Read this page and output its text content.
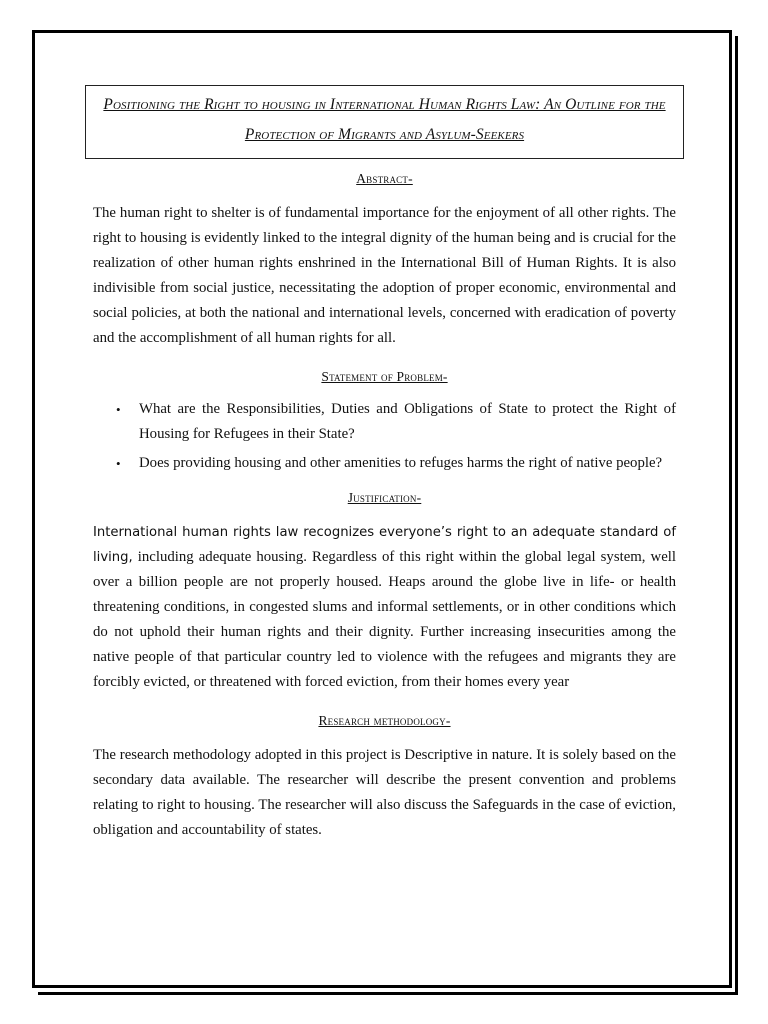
Positioning the Right to housing in International Human Rights Law: An Outline for the Protection of Migrants and Asylum-Seekers
Abstract-

The human right to shelter is of fundamental importance for the enjoyment of all other rights. The right to housing is evidently linked to the integral dignity of the human being and is crucial for the realization of other human rights enshrined in the International Bill of Human Rights. It is also indivisible from social justice, necessitating the adoption of proper economic, environmental and social policies, at both the national and international levels, concerned with eradication of poverty and the accomplishment of all human rights for all.

Statement of Problem-
• What are the Responsibilities, Duties and Obligations of State to protect the Right of Housing for Refugees in their State?
• Does providing housing and other amenities to refuges harms the right of native people?
Justification-

International human rights law recognizes everyone’s right to an adequate standard of living, including adequate housing. Regardless of this right within the global legal system, well over a billion people are not properly housed. Heaps around the globe live in life- or health threatening conditions, in congested slums and informal settlements, or in other conditions which do not uphold their human rights and their dignity. Further increasing insecurities among the native people of that particular country led to violence with the refugees and migrants they are forcibly evicted, or threatened with forced eviction, from their homes every year

Research methodology-

The research methodology adopted in this project is Descriptive in nature. It is solely based on the secondary data available. The researcher will describe the present convention and problems relating to right to housing. The researcher will also discuss the Safeguards in the case of eviction, obligation and accountability of states.
